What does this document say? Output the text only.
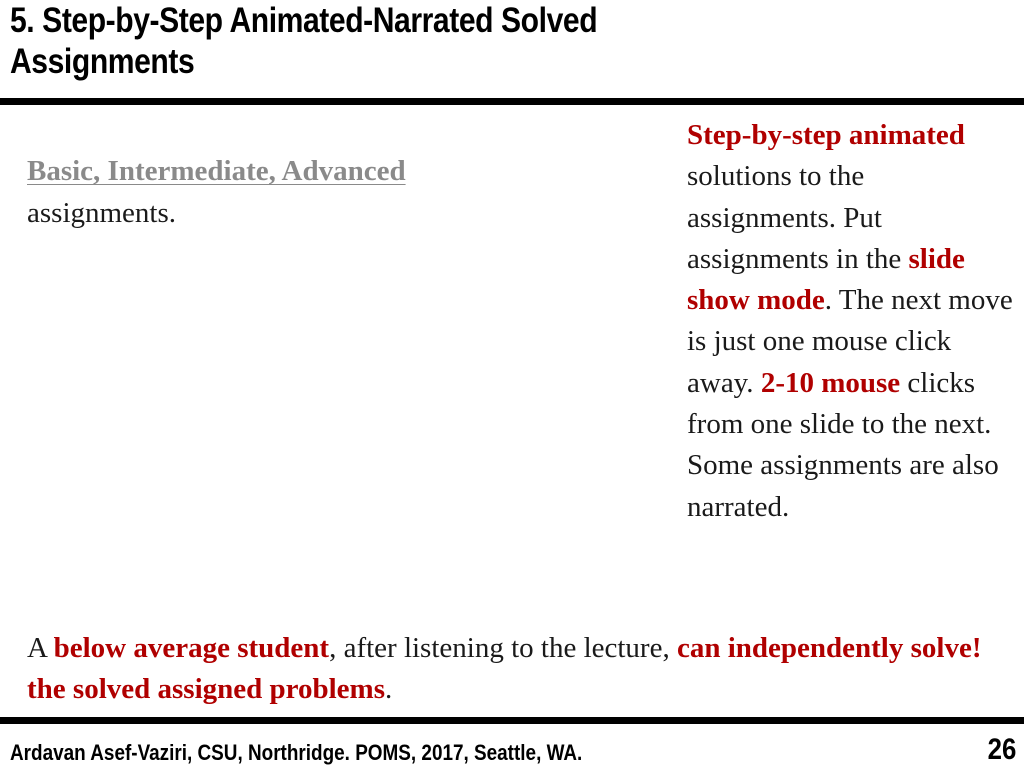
5. Step-by-Step Animated-Narrated Solved
Assignments
Basic, Intermediate, Advanced
assignments.
Step-by-step animated solutions to the assignments. Put assignments in the slide show mode. The next move is just one mouse click away. 2-10 mouse clicks from one slide to the next. Some assignments are also narrated.
A below average student, after listening to the lecture, can independently solve! the solved assigned problems.
Ardavan Asef-Vaziri, CSU, Northridge. POMS, 2017, Seattle, WA.	26
